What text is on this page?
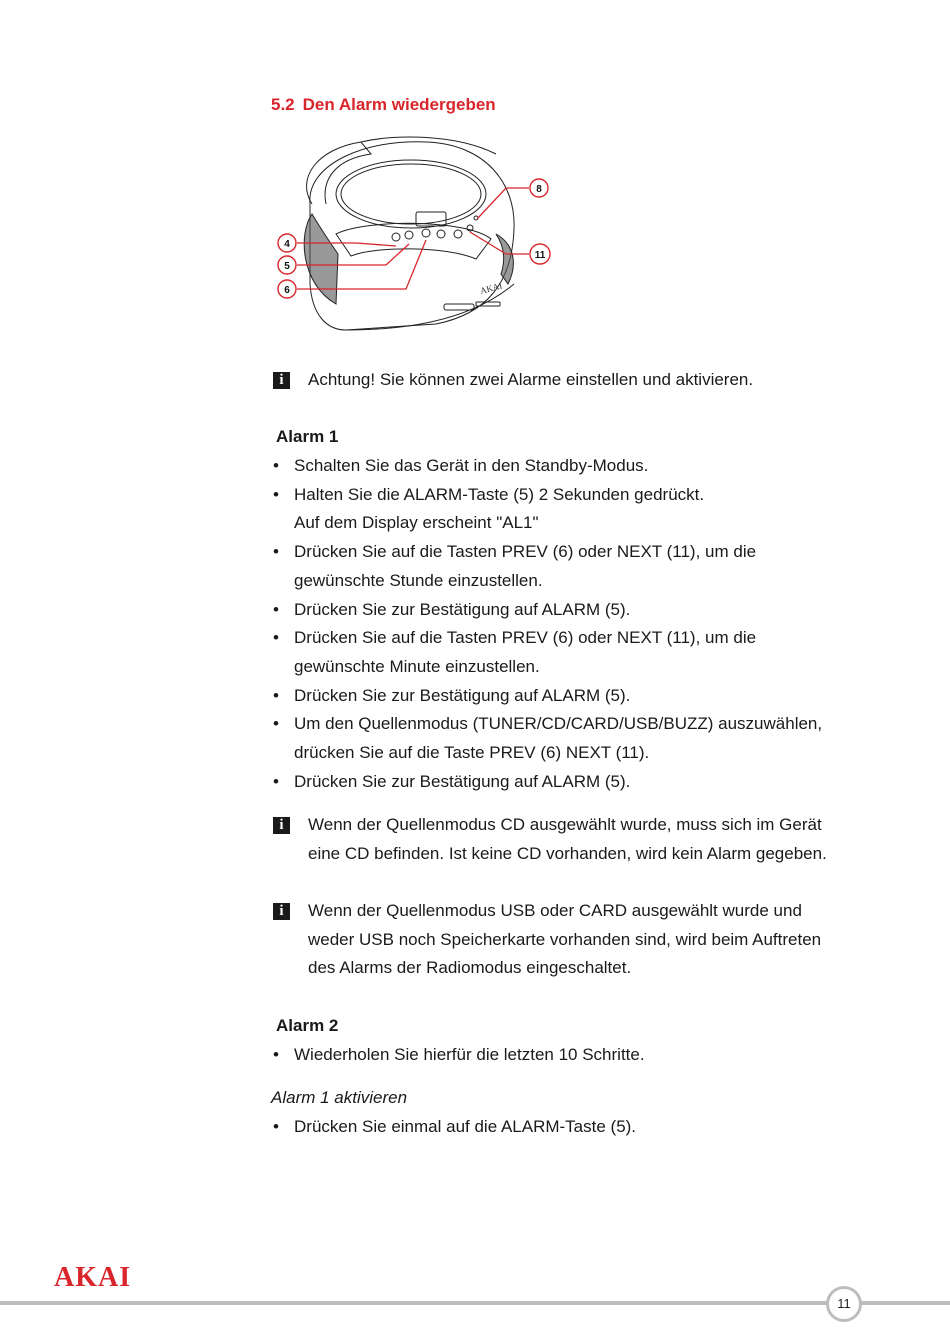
5.2 Den Alarm wiedergeben
AKAI
4
5
6
8
11
i	Achtung! Sie können zwei Alarme einstellen und aktivieren.
Alarm 1
• Schalten Sie das Gerät in den Standby-Modus.
• Halten Sie die ALARM-Taste (5) 2 Sekunden gedrückt.
Auf dem Display erscheint "AL1"
• Drücken Sie auf die Tasten PREV (6) oder NEXT (11), um die
gewünschte Stunde einzustellen.
• Drücken Sie zur Bestätigung auf ALARM (5).
• Drücken Sie auf die Tasten PREV (6) oder NEXT (11), um die
gewünschte Minute einzustellen.
• Drücken Sie zur Bestätigung auf ALARM (5).
• Um den Quellenmodus (TUNER/CD/CARD/USB/BUZZ) auszuwählen,
drücken Sie auf die Taste PREV (6) NEXT (11).
• Drücken Sie zur Bestätigung auf ALARM (5).
i	Wenn der Quellenmodus CD ausgewählt wurde, muss sich im Gerät
eine CD befinden. Ist keine CD vorhanden, wird kein Alarm gegeben.
i	Wenn der Quellenmodus USB oder CARD ausgewählt wurde und
weder USB noch Speicherkarte vorhanden sind, wird beim Auftreten
des Alarms der Radiomodus eingeschaltet.
Alarm 2
• Wiederholen Sie hierfür die letzten 10 Schritte.
Alarm 1 aktivieren
• Drücken Sie einmal auf die ALARM-Taste (5).
AKAI
11
